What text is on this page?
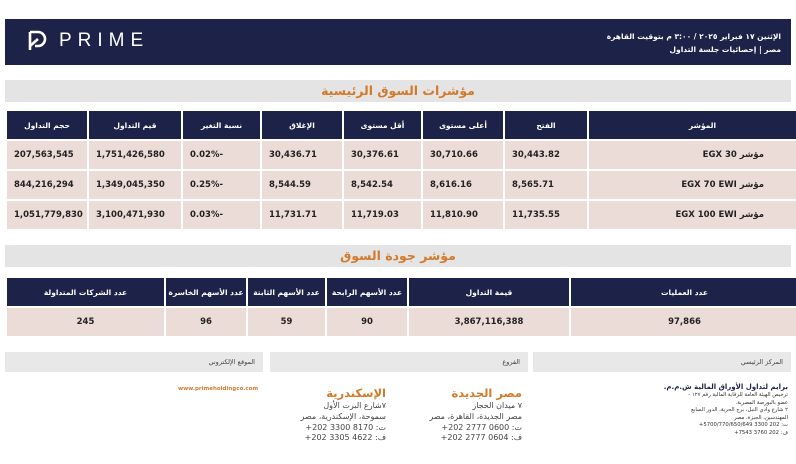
PRIME	الإثنين ١٧ فبراير ٢٠٢٥ / ٣:٠٠ م بتوقيت القاهرة
مصر | إحصائيات جلسة التداول
مؤشرات السوق الرئيسية
المؤشر	الفتح	أعلى مستوى	أقل مستوى	الإغلاق	نسبة التغير	قيم التداول	حجم التداول
مؤشر EGX 30	30,443.82	30,710.66	30,376.61	30,436.71	-0.02%	1,751,426,580	207,563,545
مؤشر EGX 70 EWI	8,565.71	8,616.16	8,542.54	8,544.59	-0.25%	1,349,045,350	844,216,294
مؤشر EGX 100 EWI	11,735.55	11,810.90	11,719.03	11,731.71	-0.03%	3,100,471,930	1,051,779,830
مؤشر جودة السوق
عدد العمليات	قيمة التداول	عدد الأسهم الرابحة	عدد الأسهم الثابتة	عدد الأسهم الخاسرة	عدد الشركات المتداولة
97,866	3,867,116,388	90	59	96	245
المركز الرئيسي
الفروع
الموقع الإلكتروني
برايم لتداول الأوراق المالية ش.م.م.
ترخيص الهيئة العامة للرقابة المالية رقم ١٢٧ -
عضو بالبورصة المصرية.
٢ شارع وادي النيل، برج الحرية، الدور السابع
المهندسين، الجيزة، مصر
ت: 202 3300 5700/770/650/649+
ف: 202 3760 7543+
مصر الجديدة
٧ ميدان الحجاز
مصر الجديدة، القاهرة، مصر
ت: 0600 2777 202+
ف: 0604 2777 202+
الإسكندرية
٧شارع البرت الأول
سموحة، الإسكندرية، مصر
ت: 8170 3300 202+
ف: 4622 3305 202+
www.primeholdingco.com
